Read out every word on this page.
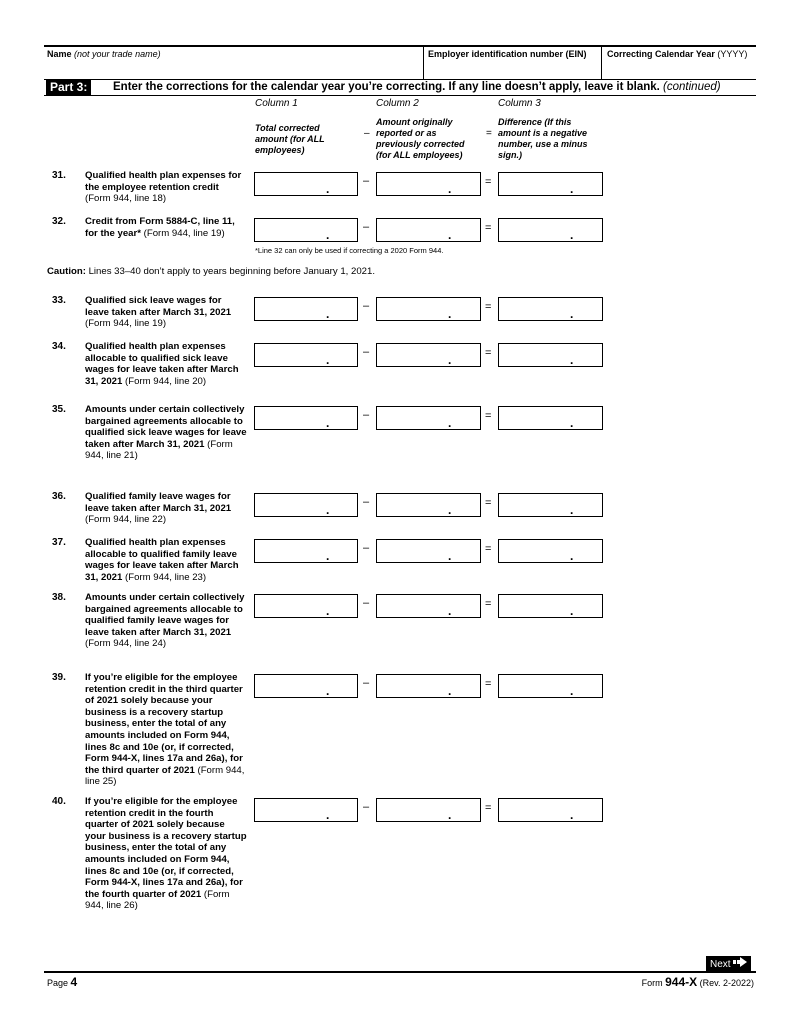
Name (not your trade name)	Employer identification number (EIN)	Correcting Calendar Year (YYYY)
Part 3:	Enter the corrections for the calendar year you’re correcting. If any line doesn’t apply, leave it blank. (continued)
Column 1	Column 2	Column 3
Total corrected amount (for ALL employees)
–
Amount originally reported or as previously corrected (for ALL employees)
=
Difference (If this amount is a negative number, use a minus sign.)
31. Qualified health plan expenses for the employee retention credit (Form 944, line 18)
.	.	.
–	=
32. Credit from Form 5884-C, line 11, for the year* (Form 944, line 19)	.	.	.
–	=
33. Qualified sick leave wages for leave taken after March 31, 2021 (Form 944, line 19)
.	.	.
–	=
34. Qualified health plan expenses allocable to qualified sick leave wages for leave taken after March 31, 2021 (Form 944, line 20)
.	.	.
–	=
35. Amounts under certain collectively bargained agreements allocable to qualified sick leave wages for leave taken after March 31, 2021 (Form 944, line 21)
.	.	.
–	=
36. Qualified family leave wages for leave taken after March 31, 2021 (Form 944, line 22)
.	.	.
–	=
37. Qualified health plan expenses allocable to qualified family leave wages for leave taken after March 31, 2021 (Form 944, line 23)
.	.	.
–	=
38. Amounts under certain collectively bargained agreements allocable to qualified family leave wages for leave taken after March 31, 2021 (Form 944, line 24)
.	.	.
–	=
39. If you’re eligible for the employee retention credit in the third quarter of 2021 solely because your business is a recovery startup business, enter the total of any amounts included on Form 944, lines 8c and 10e (or, if corrected, Form 944-X, lines 17a and 26a), for the third quarter of 2021 (Form 944, line 25)
.	.	.
–	=
40. If you’re eligible for the employee retention credit in the fourth quarter of 2021 solely because your business is a recovery startup business, enter the total of any amounts included on Form 944, lines 8c and 10e (or, if corrected, Form 944-X, lines 17a and 26a), for the fourth quarter of 2021 (Form 944, line 26)
.	.	.
–	=
*Line 32 can only be used if correcting a 2020 Form 944.
Caution: Lines 33–40 don’t apply to years beginning before January 1, 2021.
Next
Page 4	Form 944-X (Rev. 2-2022)
